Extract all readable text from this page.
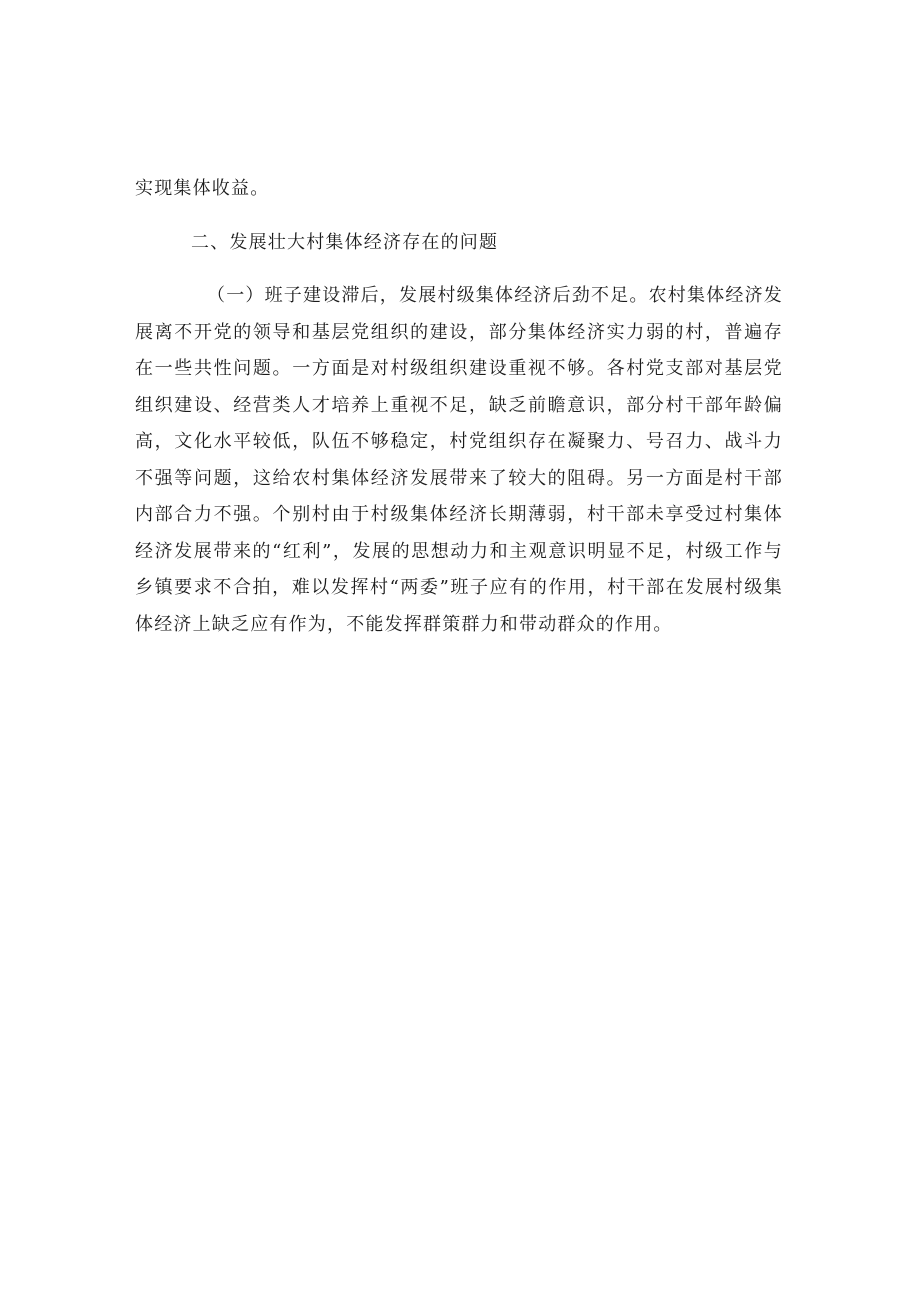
实现集体收益。

二、发展壮大村集体经济存在的问题

（一）班子建设滞后，发展村级集体经济后劲不足。农村集体经济发展离不开党的领导和基层党组织的建设，部分集体经济实力弱的村，普遍存在一些共性问题。一方面是对村级组织建设重视不够。各村党支部对基层党组织建设、经营类人才培养上重视不足，缺乏前瞻意识，部分村干部年龄偏高，文化水平较低，队伍不够稳定，村党组织存在凝聚力、号召力、战斗力不强等问题，这给农村集体经济发展带来了较大的阻碍。另一方面是村干部内部合力不强。个别村由于村级集体经济长期薄弱，村干部未享受过村集体经济发展带来的“红利”，发展的思想动力和主观意识明显不足，村级工作与乡镇要求不合拍，难以发挥村“两委”班子应有的作用，村干部在发展村级集体经济上缺乏应有作为，不能发挥群策群力和带动群众的作用。
